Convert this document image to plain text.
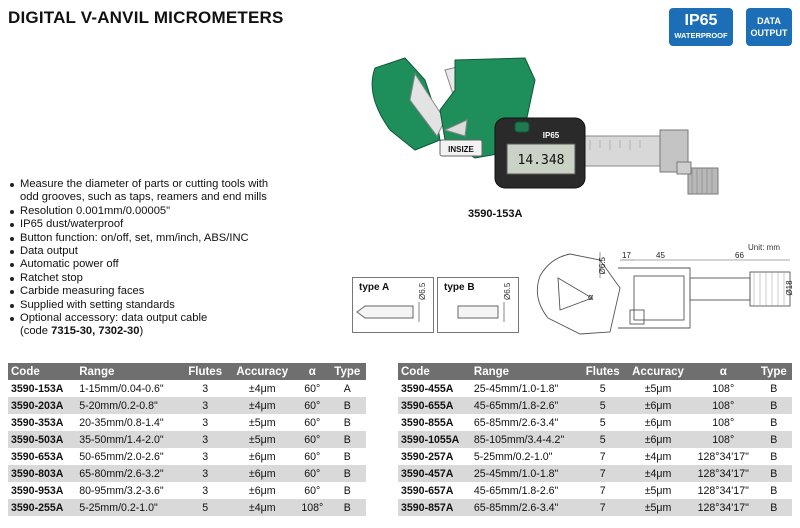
DIGITAL V-ANVIL MICROMETERS	IP65
WATERPROOF
DATA
OUTPUT
INSIZE
IP65
14.348
3590-153A
Measure the diameter of parts or cutting tools with
odd grooves, such as taps, reamers and end mills
Resolution 0.001mm/0.00005"
IP65 dust/waterproof
Button function: on/off, set, mm/inch, ABS/INC
Data output
Automatic power off
Ratchet stop
Carbide measuring faces
Supplied with setting standards
Optional accessory: data output cable
(code 7315-30, 7302-30)
Unit: mm
type A	Ø6.5 type B	Ø6.5
Ø6.5
17	45	66
Ø18
α
Code	Range	Flutes	Accuracy	α	Type
3590-153A	1-15mm/0.04-0.6"	3	±4μm	60°	A
3590-203A	5-20mm/0.2-0.8"	3	±4μm	60°	B
3590-353A	20-35mm/0.8-1.4"	3	±5μm	60°	B
3590-503A	35-50mm/1.4-2.0"	3	±5μm	60°	B
3590-653A	50-65mm/2.0-2.6"	3	±6μm	60°	B
3590-803A	65-80mm/2.6-3.2"	3	±6μm	60°	B
3590-953A	80-95mm/3.2-3.6"	3	±6μm	60°	B
3590-255A	5-25mm/0.2-1.0"	5	±4μm	108°	B
Code	Range	Flutes	Accuracy	α	Type
3590-455A	25-45mm/1.0-1.8"	5	±5μm	108°	B
3590-655A	45-65mm/1.8-2.6"	5	±6μm	108°	B
3590-855A	65-85mm/2.6-3.4"	5	±6μm	108°	B
3590-1055A	85-105mm/3.4-4.2"	5	±6μm	108°	B
3590-257A	5-25mm/0.2-1.0"	7	±4μm	128°34'17"	B
3590-457A	25-45mm/1.0-1.8"	7	±4μm	128°34'17"	B
3590-657A	45-65mm/1.8-2.6"	7	±5μm	128°34'17"	B
3590-857A	65-85mm/2.6-3.4"	7	±5μm	128°34'17"	B
